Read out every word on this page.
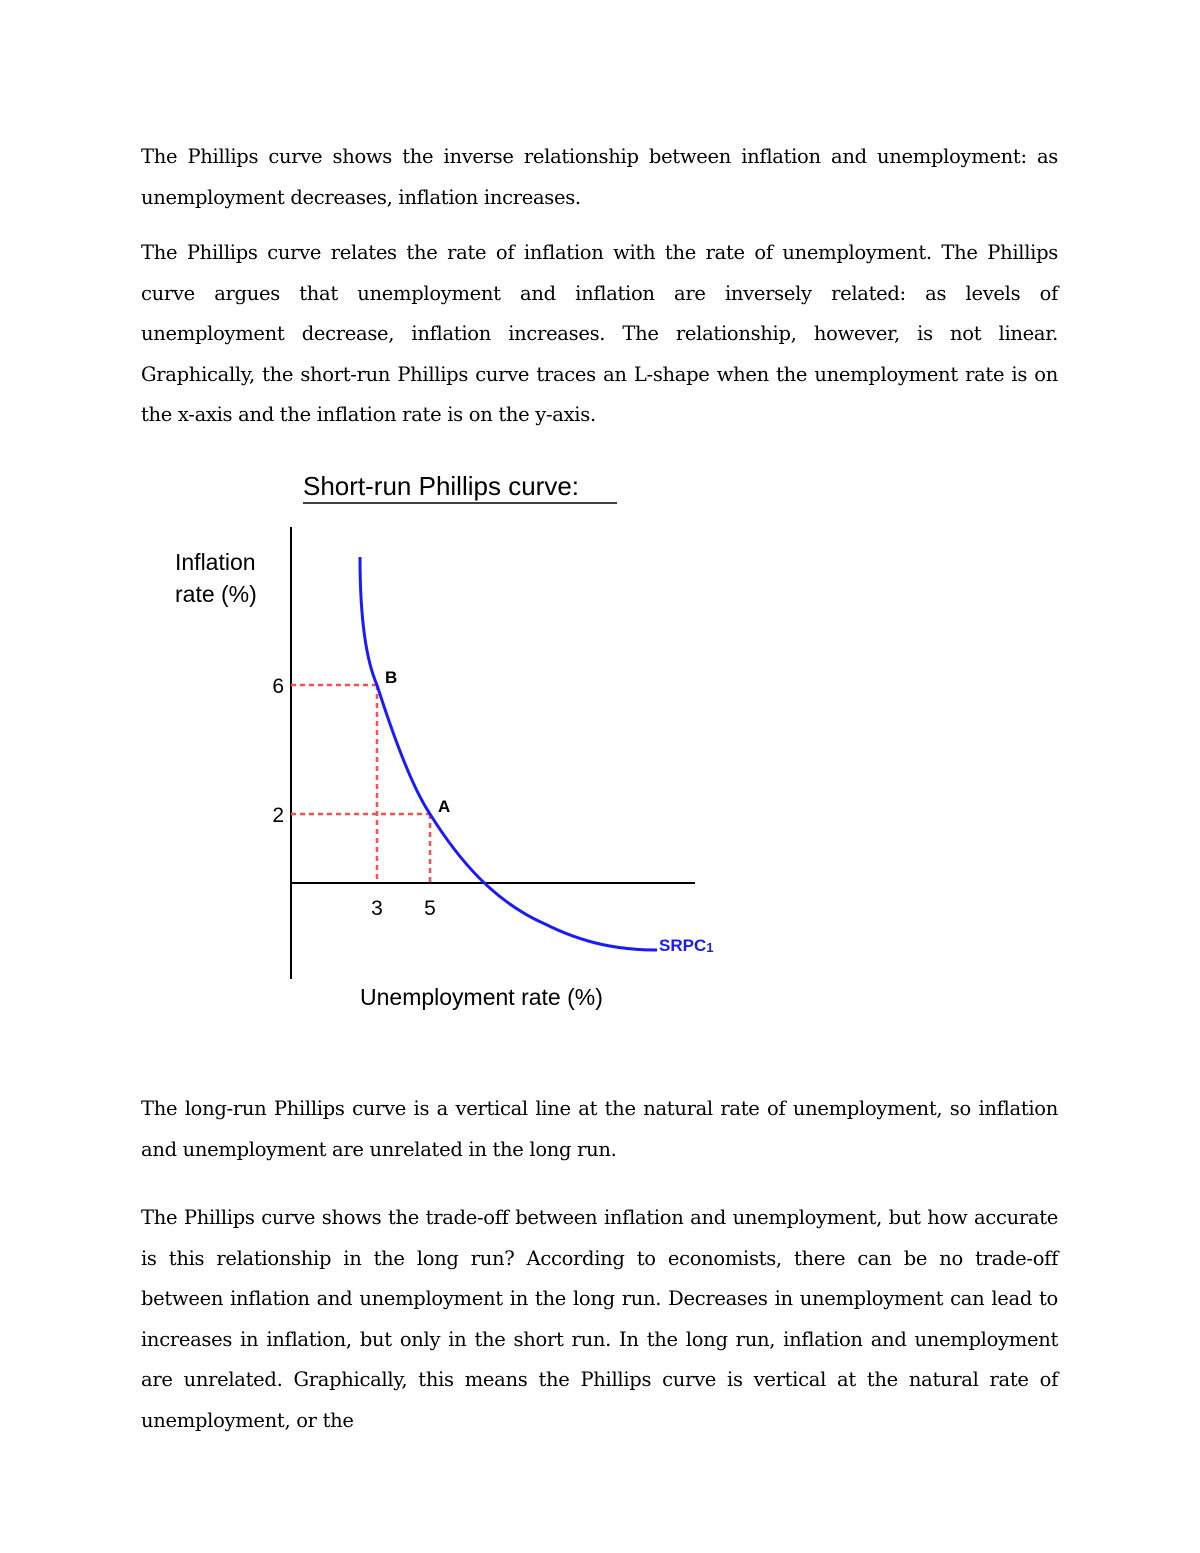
The Phillips curve shows the inverse relationship between inflation and unemployment: as unemployment decreases, inflation increases.

The Phillips curve relates the rate of inflation with the rate of unemployment. The Phillips curve argues that unemployment and inflation are inversely related: as levels of unemployment decrease, inflation increases. The relationship, however, is not linear. Graphically, the short-run Phillips curve traces an L-shape when the unemployment rate is on the x-axis and the inflation rate is on the y-axis.

Short-run Phillips curve:
Inflation
rate (%)
6
2
3 5
B
A
Unemployment rate (%)
SRPC1

The long-run Phillips curve is a vertical line at the natural rate of unemployment, so inflation and unemployment are unrelated in the long run.

The Phillips curve shows the trade-off between inflation and unemployment, but how accurate is this relationship in the long run? According to economists, there can be no trade-off between inflation and unemployment in the long run. Decreases in unemployment can lead to increases in inflation, but only in the short run. In the long run, inflation and unemployment are unrelated. Graphically, this means the Phillips curve is vertical at the natural rate of unemployment, or the
